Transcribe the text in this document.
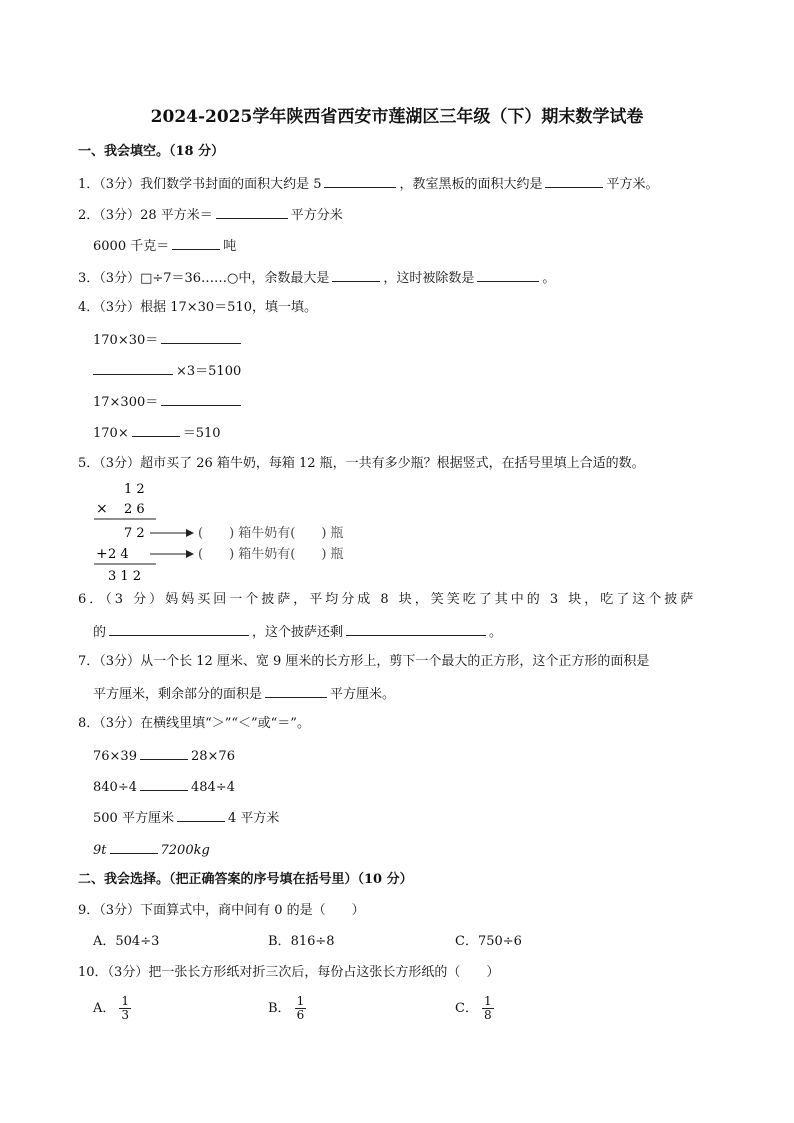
2024-2025学年陕西省西安市莲湖区三年级（下）期末数学试卷
一、我会填空。（18 分）
1．（3分）我们数学书封面的面积大约是 5	，教室黑板的面积大约是	平方米。
2．（3分）28 平方米＝	平方分米
6000 千克＝	吨
3．（3分）□÷7＝36……○中，余数最大是	，这时被除数是	。
4．（3分）根据 17×30＝510，填一填。
170×30＝
×3＝5100
17×300＝
170×	＝510
5．（3分）超市买了 26 箱牛奶，每箱 12 瓶，一共有多少瓶？根据竖式，在括号里填上合适的数。
1 2
× 2 6
7 2	(　　) 箱牛奶有(　　) 瓶
+ 2 4	(　　) 箱牛奶有(　　) 瓶
3 1 2
6．（3 分）妈妈买回一个披萨，平均分成 8 块，笑笑吃了其中的 3 块，吃了这个披萨
的	，这个披萨还剩	。
7．（3分）从一个长 12 厘米、宽 9 厘米的长方形上，剪下一个最大的正方形，这个正方形的面积是
平方厘米，剩余部分的面积是	平方厘米。
8．（3分）在横线里填“＞”“＜”或“＝”。
76×39	28×76
840÷4	484÷4
500 平方厘米	4 平方米
9t	7200kg
二、我会选择。（把正确答案的序号填在括号里）（10 分）
9．（3分）下面算式中，商中间有 0 的是（　　）
A．504÷3	B．816÷8	C．750÷6
10．（3分）把一张长方形纸对折三次后，每份占这张长方形纸的（　　）
A． $\frac{1}{3}$	B． $\frac{1}{6}$	C． $\frac{1}{8}$
